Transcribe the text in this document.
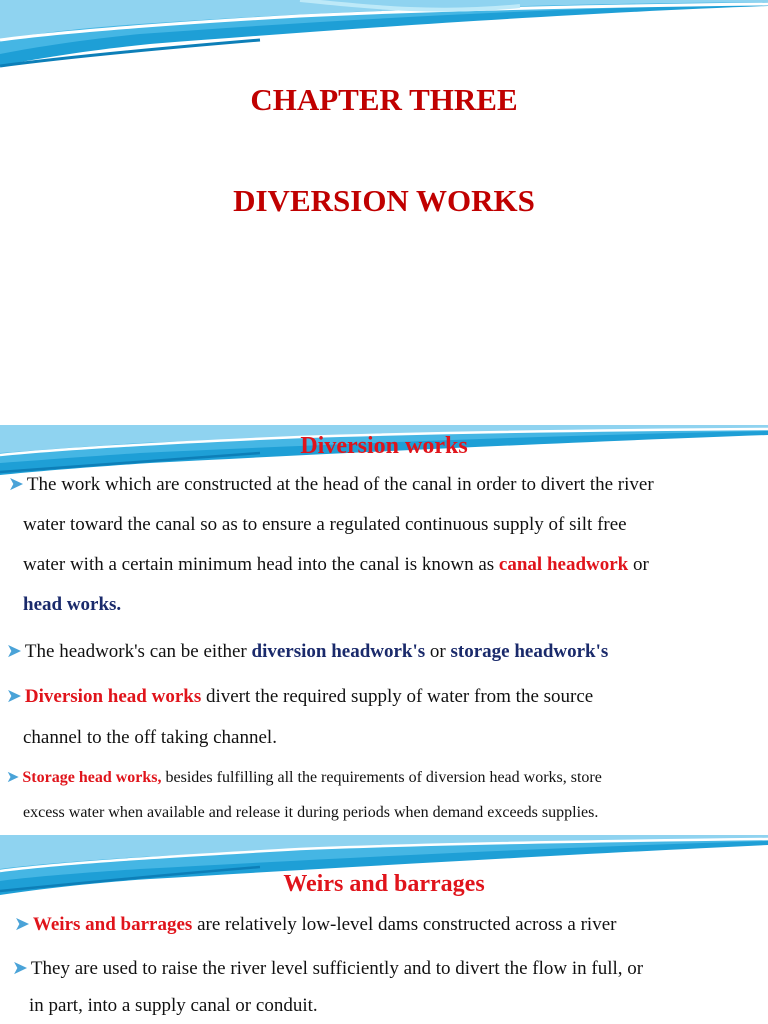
CHAPTER THREE
DIVERSION WORKS
Diversion works
➤ The work which are constructed at the head of the canal in order to divert the river
water toward the canal so as to ensure a regulated continuous supply of silt free
water with a certain minimum head into the canal is known as canal headwork or
head works.
➤ The headwork's can be either diversion headwork's or storage headwork's
➤ Diversion head works divert the required supply of water from the source
channel to the off taking channel.
➤ Storage head works, besides fulfilling all the requirements of diversion head works, store
excess water when available and release it during periods when demand exceeds supplies.
Weirs and barrages
➤ Weirs and barrages are relatively low-level dams constructed across a river
➤ They are used to raise the river level sufficiently and to divert the flow in full, or
in part, into a supply canal or conduit.
